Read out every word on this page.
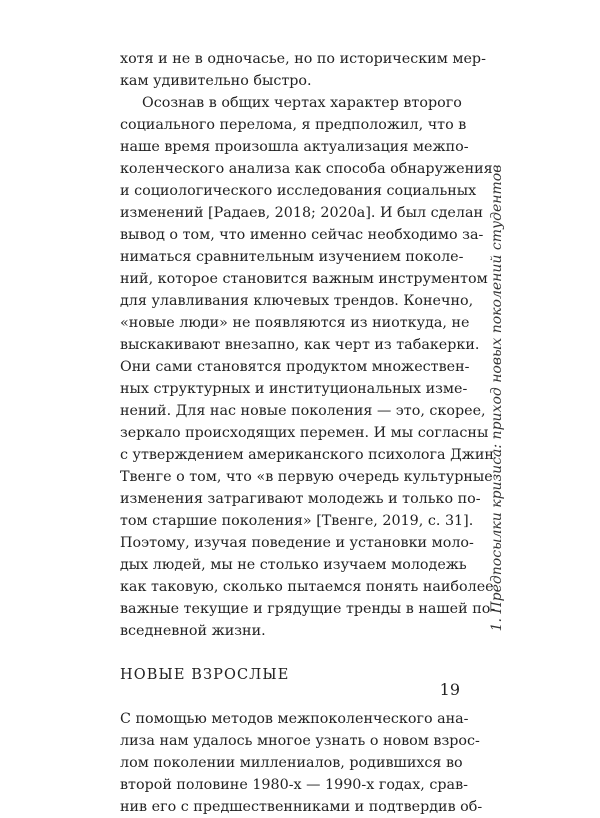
хотя и не в одночасье, но по историческим мер-
кам удивительно быстро.
Осознав в общих чертах характер второго
социального перелома, я предположил, что в
наше время произошла актуализация межпо-
коленческого анализа как способа обнаружения
и социологического исследования социальных
изменений [Радаев, 2018; 2020a]. И был сделан
вывод о том, что именно сейчас необходимо за-
ниматься сравнительным изучением поколе-
ний, которое становится важным инструментом
для улавливания ключевых трендов. Конечно,
«новые люди» не появляются из ниоткуда, не
выскакивают внезапно, как черт из табакерки.
Они сами становятся продуктом множествен-
ных структурных и институциональных изме-
нений. Для нас новые поколения — это, скорее,
зеркало происходящих перемен. И мы согласны
с утверждением американского психолога Джин
Твенге о том, что «в первую очередь культурные
изменения затрагивают молодежь и только по-
том старшие поколения» [Твенге, 2019, с. 31].
Поэтому, изучая поведение и установки моло-
дых людей, мы не столько изучаем молодежь
как таковую, сколько пытаемся понять наиболее
важные текущие и грядущие тренды в нашей по-
вседневной жизни.
НОВЫЕ ВЗРОСЛЫЕ
С помощью методов межпоколенческого ана-
лиза нам удалось многое узнать о новом взрос-
лом поколении миллениалов, родившихся во
второй половине 1980-х — 1990-х годах, срав-
нив его с предшественниками и подтвердив об-
1. Предпосылки кризиса: приход новых поколений студентов
19
